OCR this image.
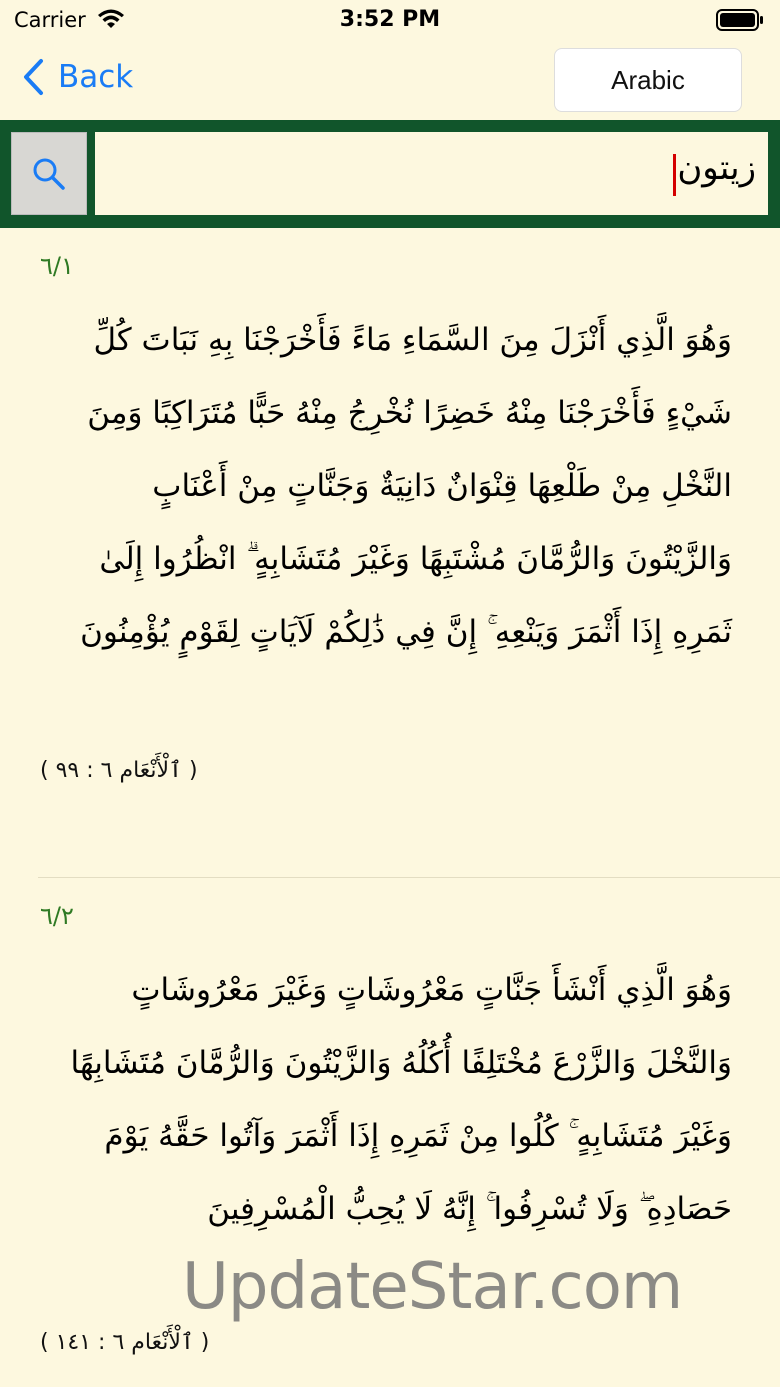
Carrier	3:52 PM
Back	Arabic
زيتون
٦/١
وَهُوَ الَّذِي أَنْزَلَ مِنَ السَّمَاءِ مَاءً فَأَخْرَجْنَا بِهِ نَبَاتَ كُلِّ شَيْءٍ فَأَخْرَجْنَا مِنْهُ خَضِرًا نُخْرِجُ مِنْهُ حَبًّا مُتَرَاكِبًا وَمِنَ النَّخْلِ مِنْ طَلْعِهَا قِنْوَانٌ دَانِيَةٌ وَجَنَّاتٍ مِنْ أَعْنَابٍ وَالزَّيْتُونَ وَالرُّمَّانَ مُشْتَبِهًا وَغَيْرَ مُتَشَابِهٍ ۗ انْظُرُوا إِلَىٰ ثَمَرِهِ إِذَا أَثْمَرَ وَيَنْعِهِ ۚ إِنَّ فِي ذَٰلِكُمْ لَآيَاتٍ لِقَوْمٍ يُؤْمِنُونَ
( ٱلْأَنْعَام ٦ : ٩٩ )
٦/٢
وَهُوَ الَّذِي أَنْشَأَ جَنَّاتٍ مَعْرُوشَاتٍ وَغَيْرَ مَعْرُوشَاتٍ وَالنَّخْلَ وَالزَّرْعَ مُخْتَلِفًا أُكُلُهُ وَالزَّيْتُونَ وَالرُّمَّانَ مُتَشَابِهًا وَغَيْرَ مُتَشَابِهٍ ۚ كُلُوا مِنْ ثَمَرِهِ إِذَا أَثْمَرَ وَآتُوا حَقَّهُ يَوْمَ حَصَادِهِ ۖ وَلَا تُسْرِفُوا ۚ إِنَّهُ لَا يُحِبُّ الْمُسْرِفِينَ
( ٱلْأَنْعَام ٦ : ١٤١ )
UpdateStar.com
